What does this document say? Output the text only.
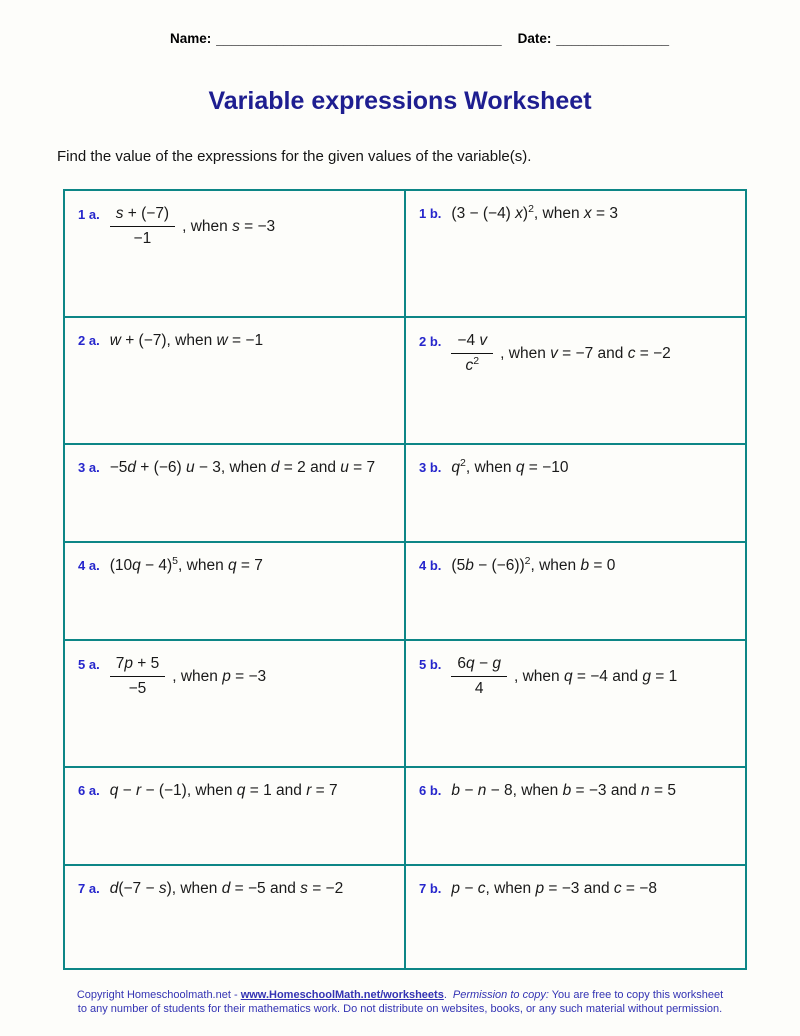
Name: ______________________________________ Date: _______________
Variable expressions Worksheet

Find the value of the expressions for the given values of the variable(s).

1 a. $\frac{s + (-7)}{-1}$ , when s = −3	1 b. (3 − (−4) x)$^2$, when x = 3

2 a. w + (−7), when w = −1	2 b. $\frac{-4 v}{c^2}$ , when v = −7 and c = −2

3 a. −5d + (−6) u − 3, when d = 2 and u = 7	3 b. $q^2$, when q = −10

4 a. $(10q - 4)^5$, when q = 7	4 b. $(5b - (-6))^2$, when b = 0

5 a. $\frac{7p + 5}{-5}$ , when p = −3	5 b. $\frac{6q - g}{4}$ , when q = −4 and g = 1

6 a. q − r − (−1), when q = 1 and r = 7	6 b. b − n − 8, when b = −3 and n = 5

7 a. d(−7 − s), when d = −5 and s = −2	7 b. p − c, when p = −3 and c = −8
Copyright Homeschoolmath.net - www.HomeschoolMath.net/worksheets. Permission to copy: You are free to copy this worksheet to any number of students for their mathematics work. Do not distribute on websites, books, or any such material without permission.
